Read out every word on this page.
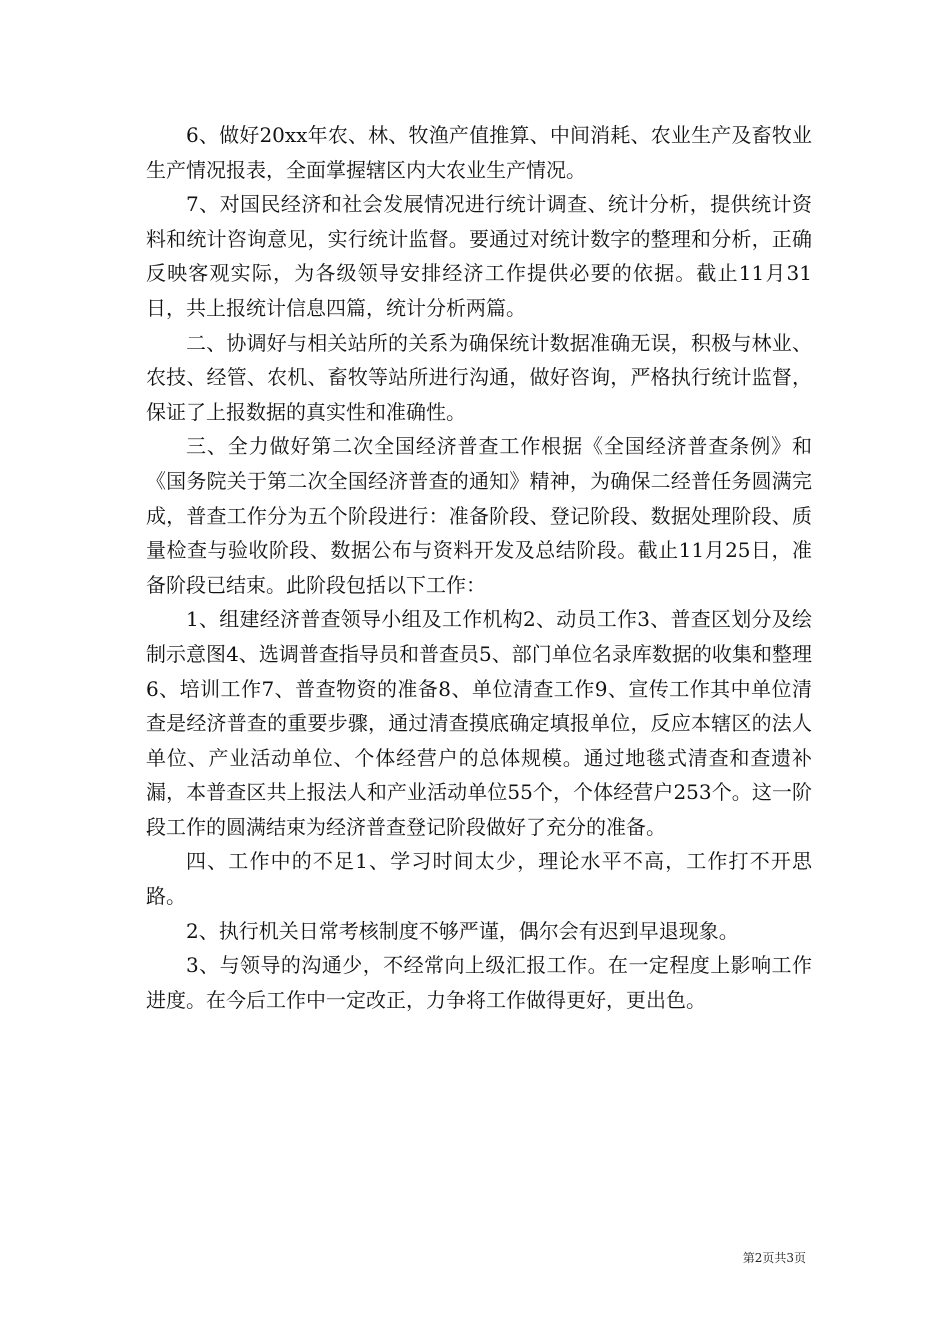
6、做好20xx年农、林、牧渔产值推算、中间消耗、农业生产及畜牧业生产情况报表，全面掌握辖区内大农业生产情况。

7、对国民经济和社会发展情况进行统计调查、统计分析，提供统计资料和统计咨询意见，实行统计监督。要通过对统计数字的整理和分析，正确反映客观实际，为各级领导安排经济工作提供必要的依据。截止11月31日，共上报统计信息四篇，统计分析两篇。

二、协调好与相关站所的关系为确保统计数据准确无误，积极与林业、农技、经管、农机、畜牧等站所进行沟通，做好咨询，严格执行统计监督，保证了上报数据的真实性和准确性。

三、全力做好第二次全国经济普查工作根据《全国经济普查条例》和《国务院关于第二次全国经济普查的通知》精神，为确保二经普任务圆满完成，普查工作分为五个阶段进行：准备阶段、登记阶段、数据处理阶段、质量检查与验收阶段、数据公布与资料开发及总结阶段。截止11月25日，准备阶段已结束。此阶段包括以下工作：

1、组建经济普查领导小组及工作机构2、动员工作3、普查区划分及绘制示意图4、选调普查指导员和普查员5、部门单位名录库数据的收集和整理6、培训工作7、普查物资的准备8、单位清查工作9、宣传工作其中单位清查是经济普查的重要步骤，通过清查摸底确定填报单位，反应本辖区的法人单位、产业活动单位、个体经营户的总体规模。通过地毯式清查和查遗补漏，本普查区共上报法人和产业活动单位55个，个体经营户253个。这一阶段工作的圆满结束为经济普查登记阶段做好了充分的准备。

四、工作中的不足1、学习时间太少，理论水平不高，工作打不开思路。

2、执行机关日常考核制度不够严谨，偶尔会有迟到早退现象。

3、与领导的沟通少，不经常向上级汇报工作。在一定程度上影响工作进度。在今后工作中一定改正，力争将工作做得更好，更出色。

第2页共3页
